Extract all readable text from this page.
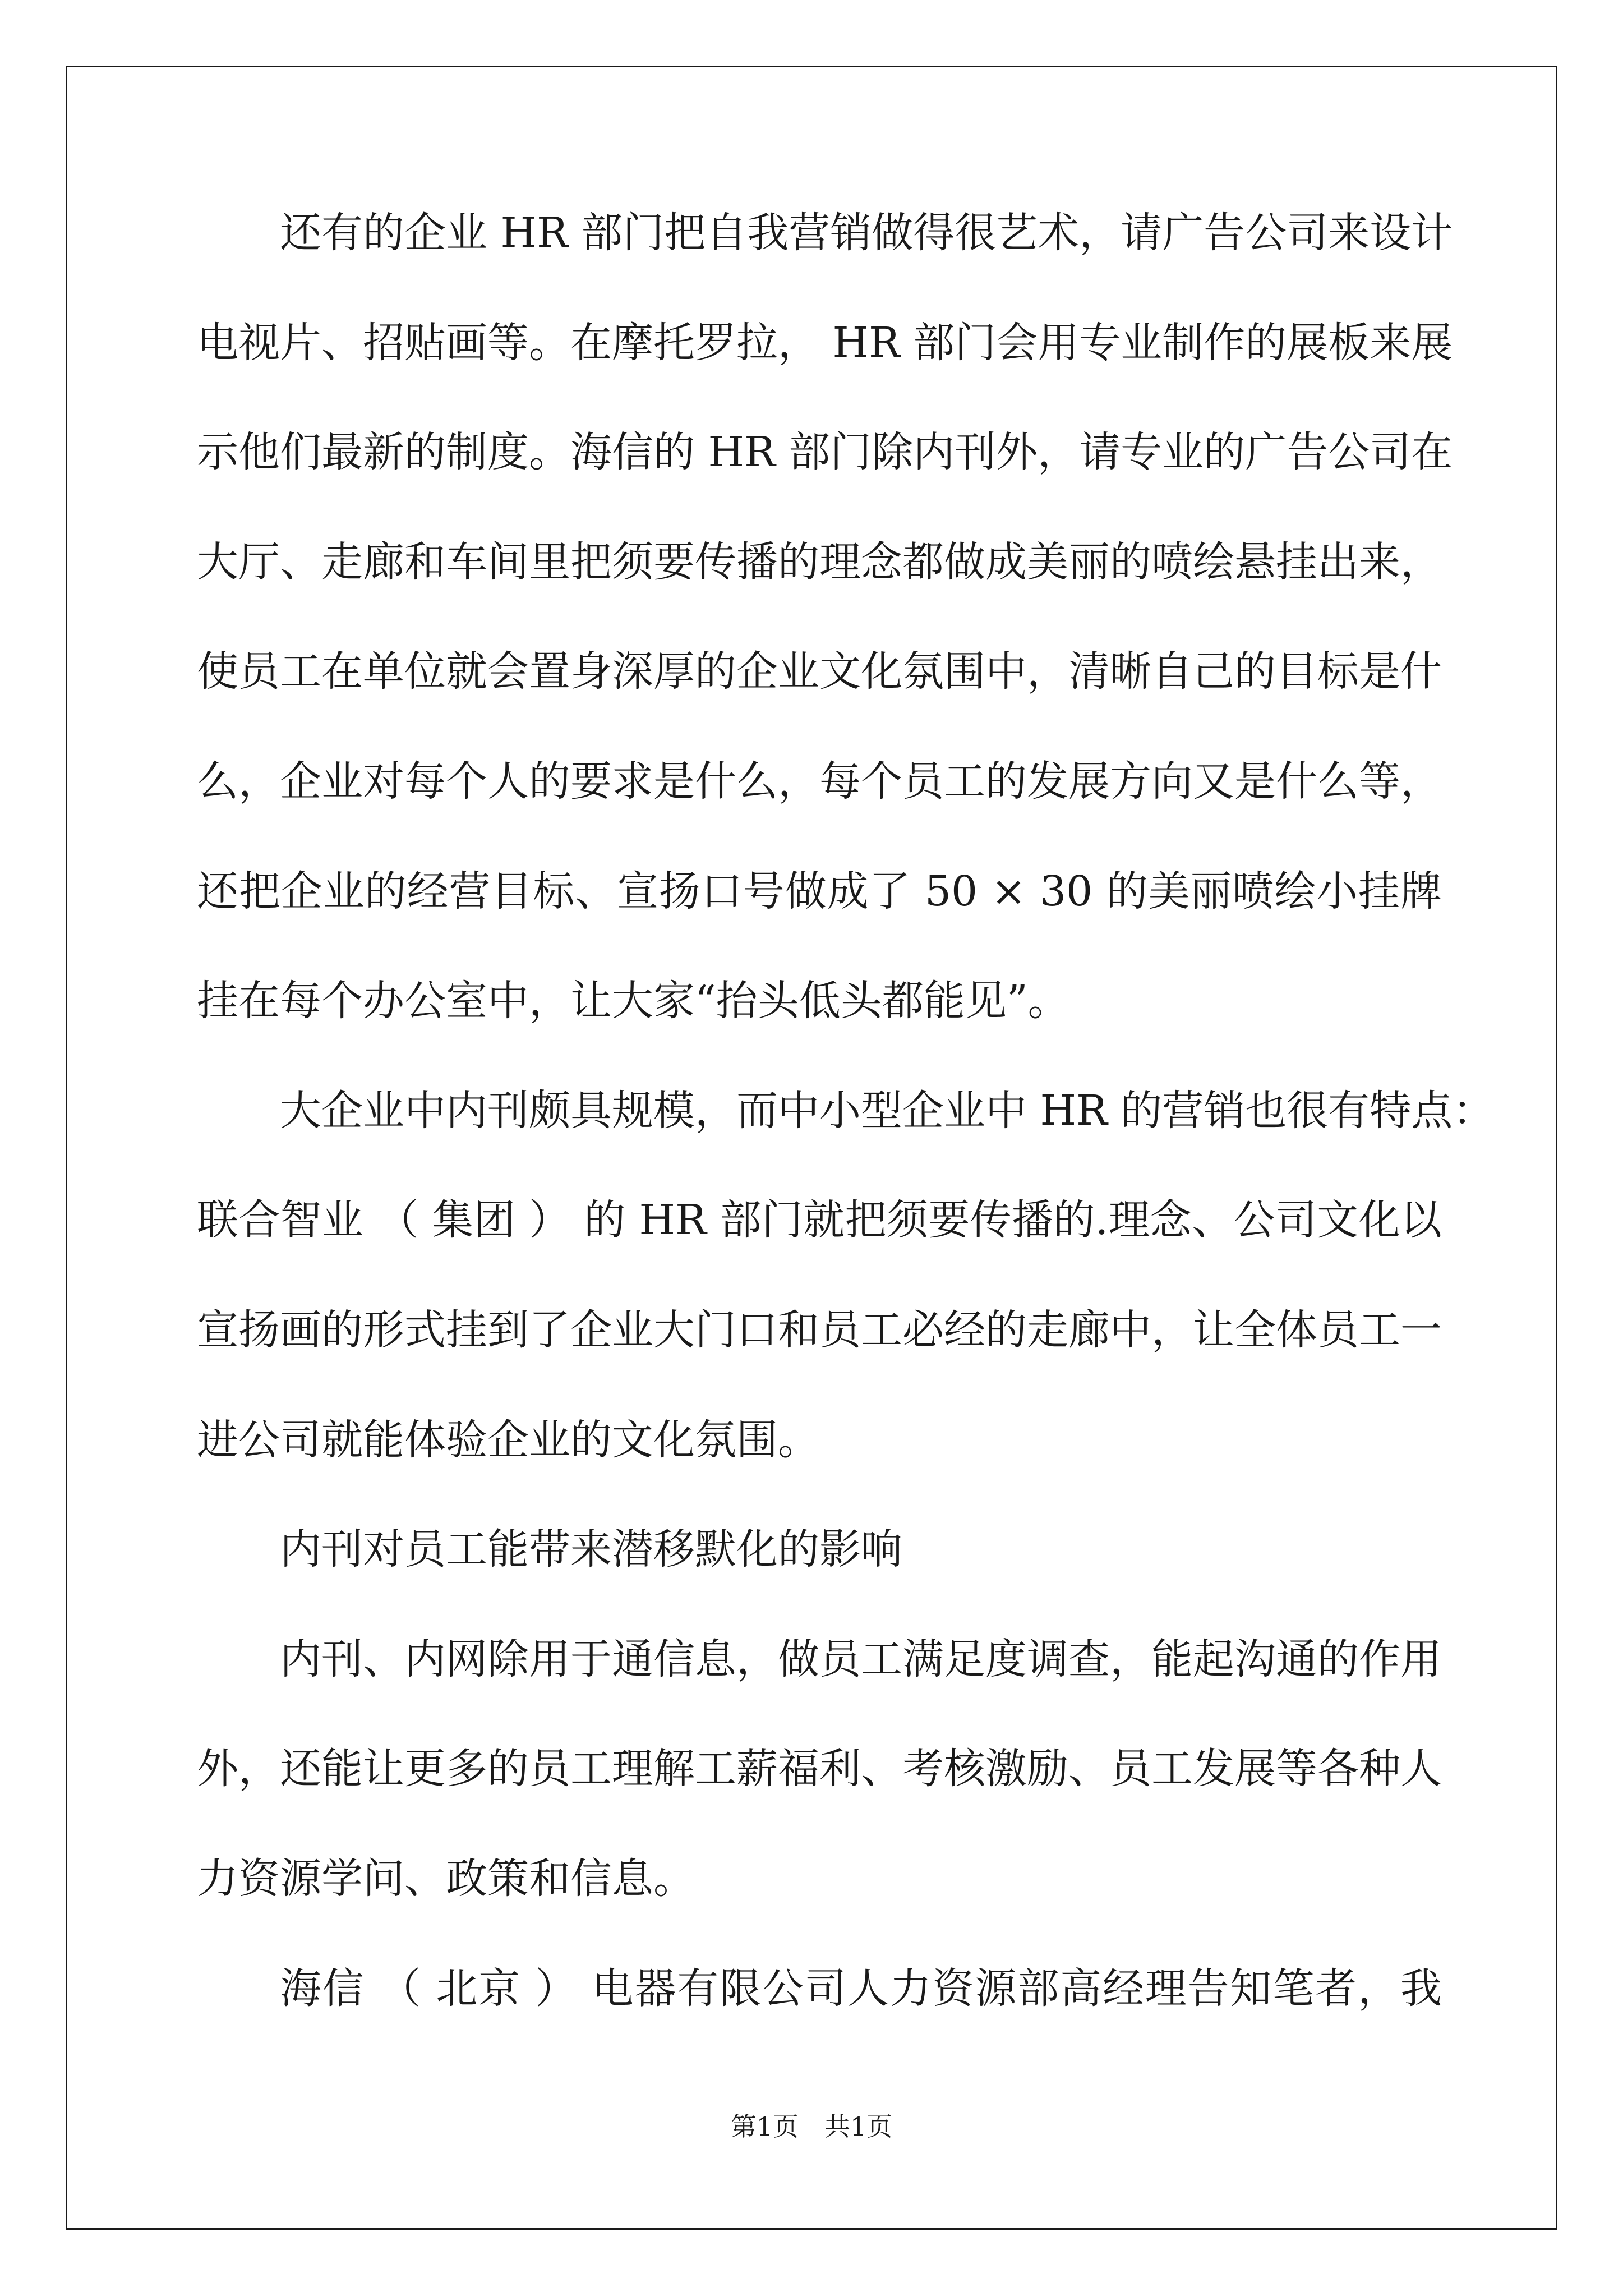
还有的企业 HR 部门把自我营销做得很艺术，请广告公司来设计
电视片、招贴画等。在摩托罗拉， HR 部门会用专业制作的展板来展
示他们最新的制度。海信的 HR 部门除内刊外，请专业的广告公司在
大厅、走廊和车间里把须要传播的理念都做成美丽的喷绘悬挂出来，
使员工在单位就会置身深厚的企业文化氛围中，清晰自己的目标是什
么，企业对每个人的要求是什么，每个员工的发展方向又是什么等，
还把企业的经营目标、宣扬口号做成了 50 × 30 的美丽喷绘小挂牌
挂在每个办公室中，让大家“抬头低头都能见”。
大企业中内刊颇具规模，而中小型企业中 HR 的营销也很有特点：
联合智业 （ 集团 ） 的 HR 部门就把须要传播的.理念、公司文化以
宣扬画的形式挂到了企业大门口和员工必经的走廊中，让全体员工一
进公司就能体验企业的文化氛围。
内刊对员工能带来潜移默化的影响
内刊、内网除用于通信息，做员工满足度调查，能起沟通的作用
外，还能让更多的员工理解工薪福利、考核激励、员工发展等各种人
力资源学问、政策和信息。
海信 （ 北京 ） 电器有限公司人力资源部高经理告知笔者，我
第1页　共1页
